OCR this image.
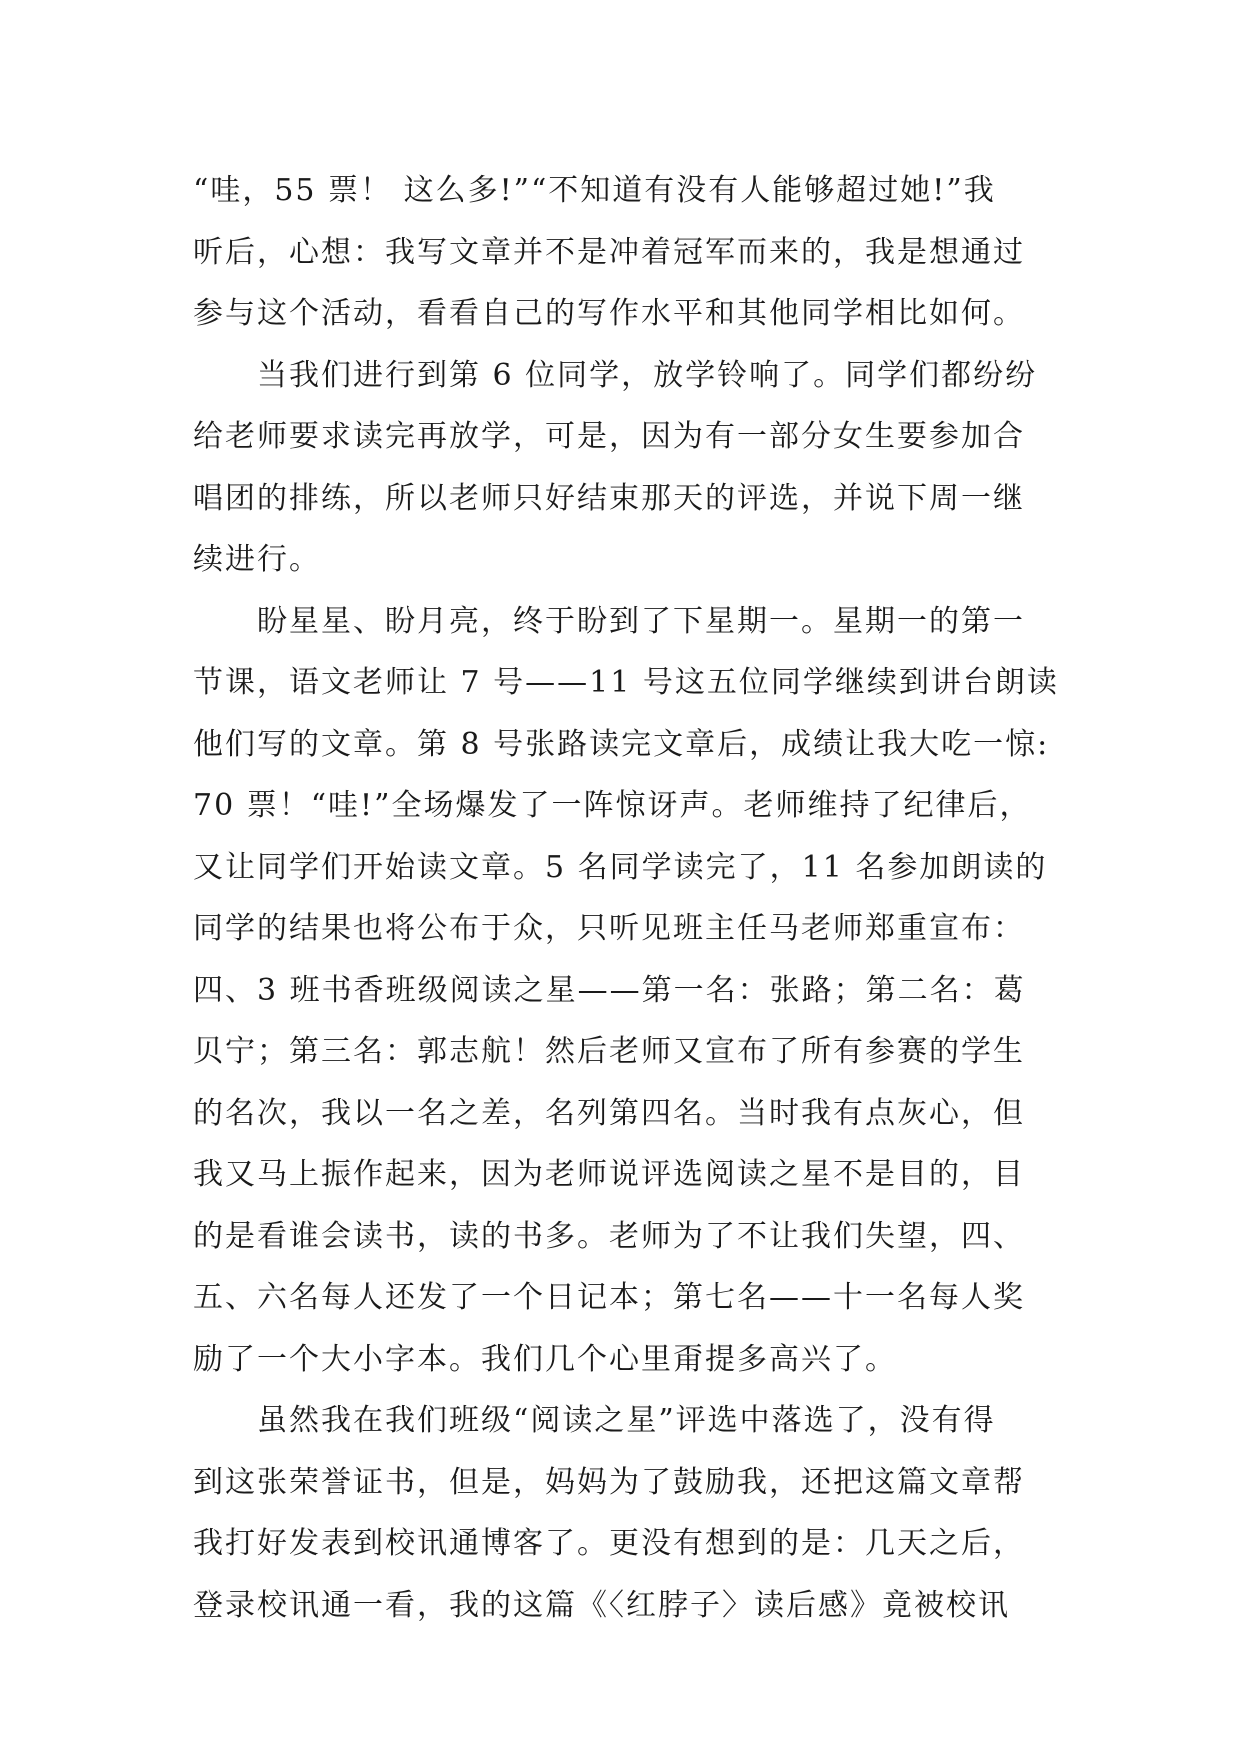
“哇，55 票！ 这么多!”“不知道有没有人能够超过她!”我
听后，心想：我写文章并不是冲着冠军而来的，我是想通过
参与这个活动，看看自己的写作水平和其他同学相比如何。
当我们进行到第 6 位同学，放学铃响了。同学们都纷纷
给老师要求读完再放学，可是，因为有一部分女生要参加合
唱团的排练，所以老师只好结束那天的评选，并说下周一继
续进行。
盼星星、盼月亮，终于盼到了下星期一。星期一的第一
节课，语文老师让 7 号——11 号这五位同学继续到讲台朗读
他们写的文章。第 8 号张路读完文章后，成绩让我大吃一惊:
70 票！“哇!”全场爆发了一阵惊讶声。老师维持了纪律后，
又让同学们开始读文章。5 名同学读完了，11 名参加朗读的
同学的结果也将公布于众，只听见班主任马老师郑重宣布：
四、3 班书香班级阅读之星——第一名：张路；第二名：葛
贝宁；第三名：郭志航！然后老师又宣布了所有参赛的学生
的名次，我以一名之差，名列第四名。当时我有点灰心，但
我又马上振作起来，因为老师说评选阅读之星不是目的，目
的是看谁会读书，读的书多。老师为了不让我们失望，四、
五、六名每人还发了一个日记本；第七名——十一名每人奖
励了一个大小字本。我们几个心里甭提多高兴了。
虽然我在我们班级“阅读之星”评选中落选了，没有得
到这张荣誉证书，但是，妈妈为了鼓励我，还把这篇文章帮
我打好发表到校讯通博客了。更没有想到的是：几天之后，
登录校讯通一看，我的这篇《〈红脖子〉读后感》竟被校讯
